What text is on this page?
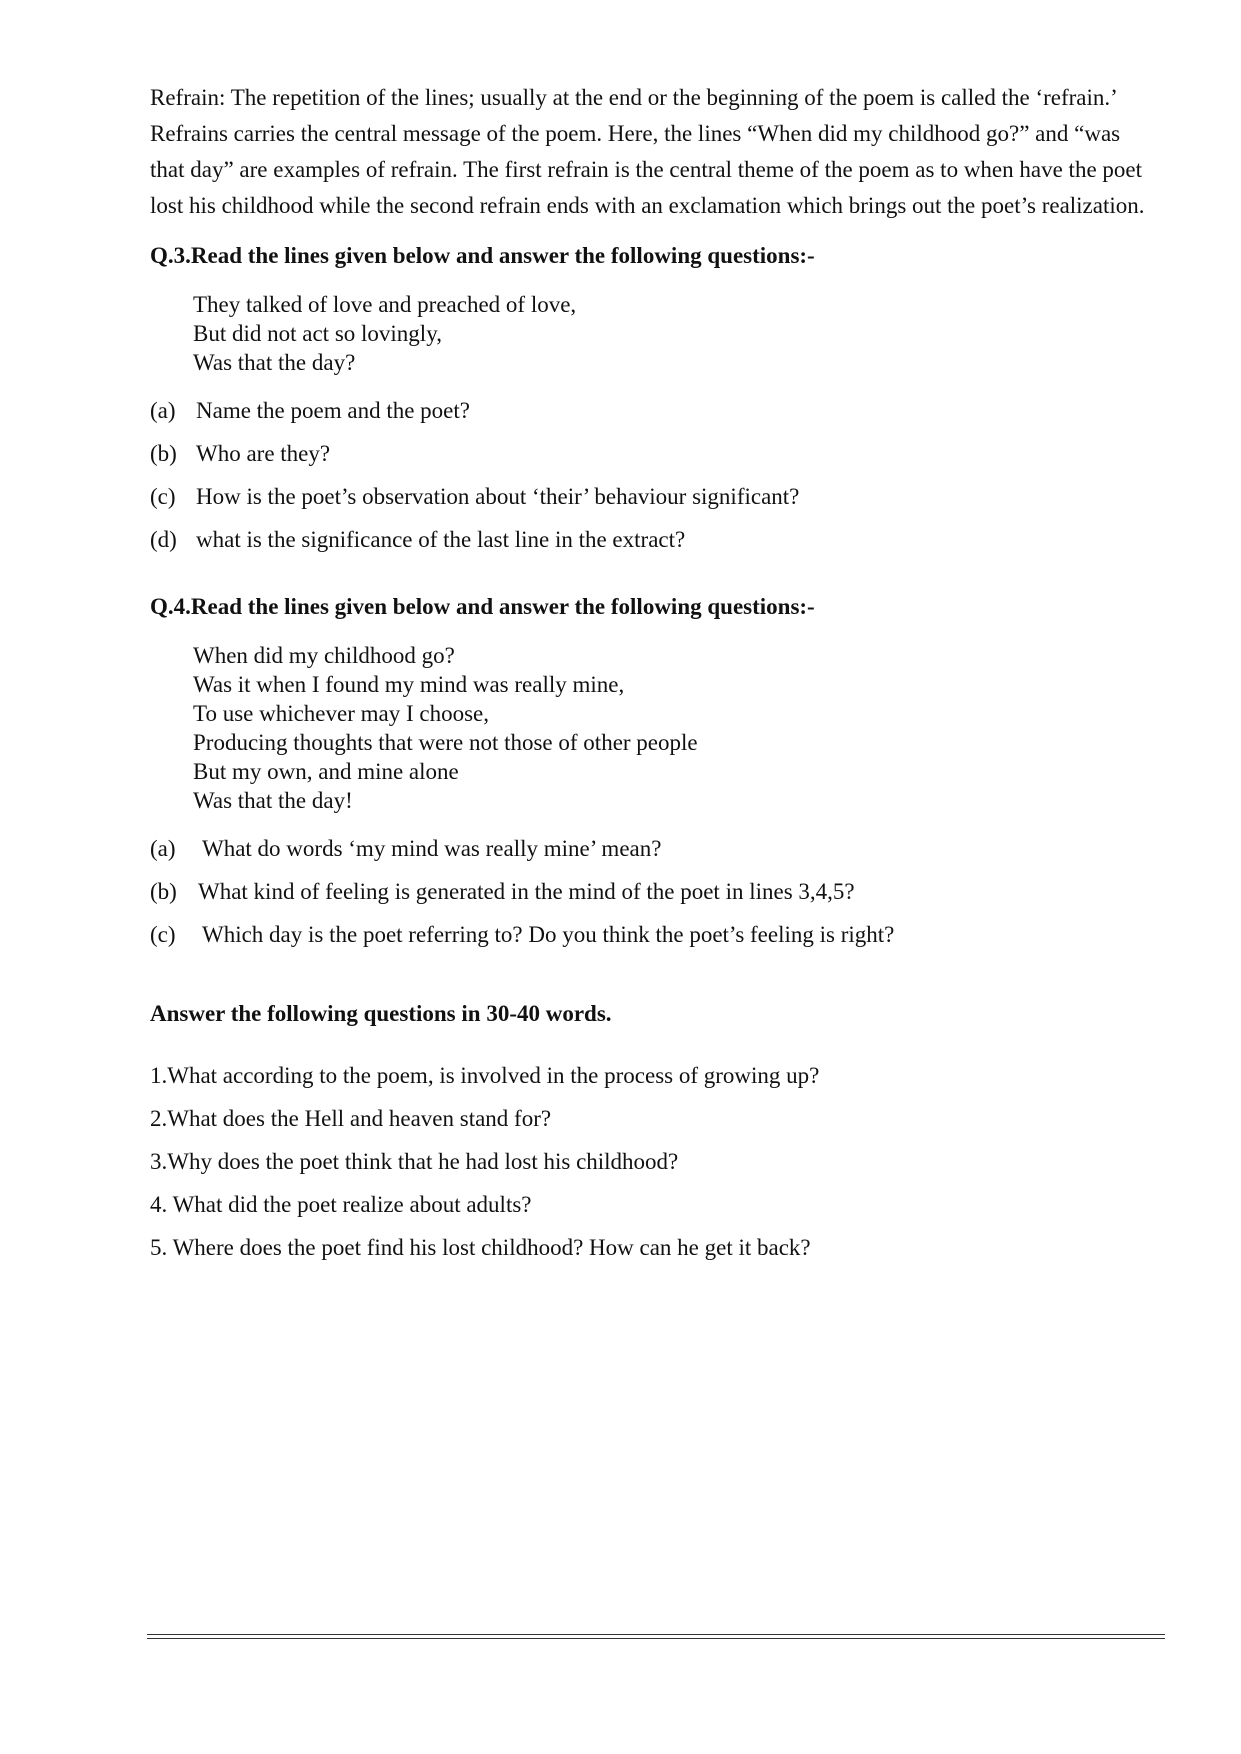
Refrain: The repetition of the lines; usually at the end or the beginning of the poem is called the ‘refrain.’ Refrains carries the central message of the poem. Here, the lines “When did my childhood go?” and “was that day” are examples of refrain. The first refrain is the central theme of the poem as to when have the poet lost his childhood while the second refrain ends with an exclamation which brings out the poet’s realization.

Q.3.Read the lines given below and answer the following questions:-

They talked of love and preached of love,
But did not act so lovingly,
Was that the day?
(a) Name the poem and the poet?
(b) Who are they?
(c) How is the poet’s observation about ‘their’ behaviour significant?
(d) what is the significance of the last line in the extract?

Q.4.Read the lines given below and answer the following questions:-

When did my childhood go?
Was it when I found my mind was really mine,
To use whichever may I choose,
Producing thoughts that were not those of other people
But my own, and mine alone
Was that the day!
(a)	What do words ‘my mind was really mine’ mean?
(b) What kind of feeling is generated in the mind of the poet in lines 3,4,5?
(c)	Which day is the poet referring to? Do you think the poet’s feeling is right?

Answer the following questions in 30-40 words.

1.What according to the poem, is involved in the process of growing up?
2.What does the Hell and heaven stand for?
3.Why does the poet think that he had lost his childhood?
4. What did the poet realize about adults?
5. Where does the poet find his lost childhood? How can he get it back?
